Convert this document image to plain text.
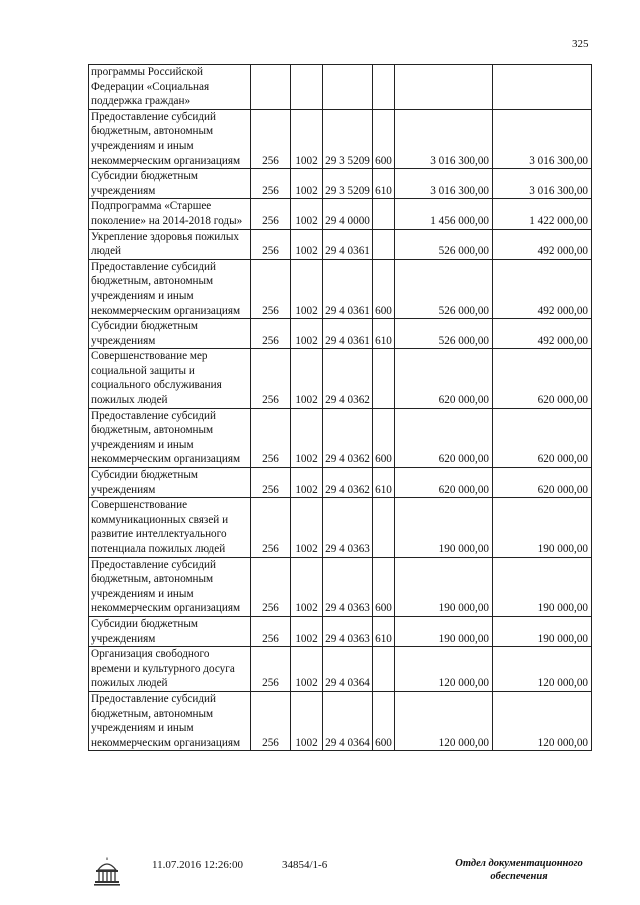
325
программы Российской Федерации «Социальная поддержка граждан»						
Предоставление субсидий бюджетным, автономным учреждениям и иным некоммерческим организациям	256	1002	29 3 5209	600	3 016 300,00	3 016 300,00
Субсидии бюджетным учреждениям	256	1002	29 3 5209	610	3 016 300,00	3 016 300,00
Подпрограмма «Старшее поколение» на 2014-2018 годы»	256	1002	29 4 0000		1 456 000,00	1 422 000,00
Укрепление здоровья пожилых людей	256	1002	29 4 0361		526 000,00	492 000,00
Предоставление субсидий бюджетным, автономным учреждениям и иным некоммерческим организациям	256	1002	29 4 0361	600	526 000,00	492 000,00
Субсидии бюджетным учреждениям	256	1002	29 4 0361	610	526 000,00	492 000,00
Совершенствование мер социальной защиты и социального обслуживания пожилых людей	256	1002	29 4 0362		620 000,00	620 000,00
Предоставление субсидий бюджетным, автономным учреждениям и иным некоммерческим организациям	256	1002	29 4 0362	600	620 000,00	620 000,00
Субсидии бюджетным учреждениям	256	1002	29 4 0362	610	620 000,00	620 000,00
Совершенствование коммуникационных связей и развитие интеллектуального потенциала пожилых людей	256	1002	29 4 0363		190 000,00	190 000,00
Предоставление субсидий бюджетным, автономным учреждениям и иным некоммерческим организациям	256	1002	29 4 0363	600	190 000,00	190 000,00
Субсидии бюджетным учреждениям	256	1002	29 4 0363	610	190 000,00	190 000,00
Организация свободного времени и культурного досуга пожилых людей	256	1002	29 4 0364		120 000,00	120 000,00
Предоставление субсидий бюджетным, автономным учреждениям и иным некоммерческим организациям	256	1002	29 4 0364	600	120 000,00	120 000,00
11.07.2016 12:26:00	34854/1-6	Отдел документационного обеспечения
